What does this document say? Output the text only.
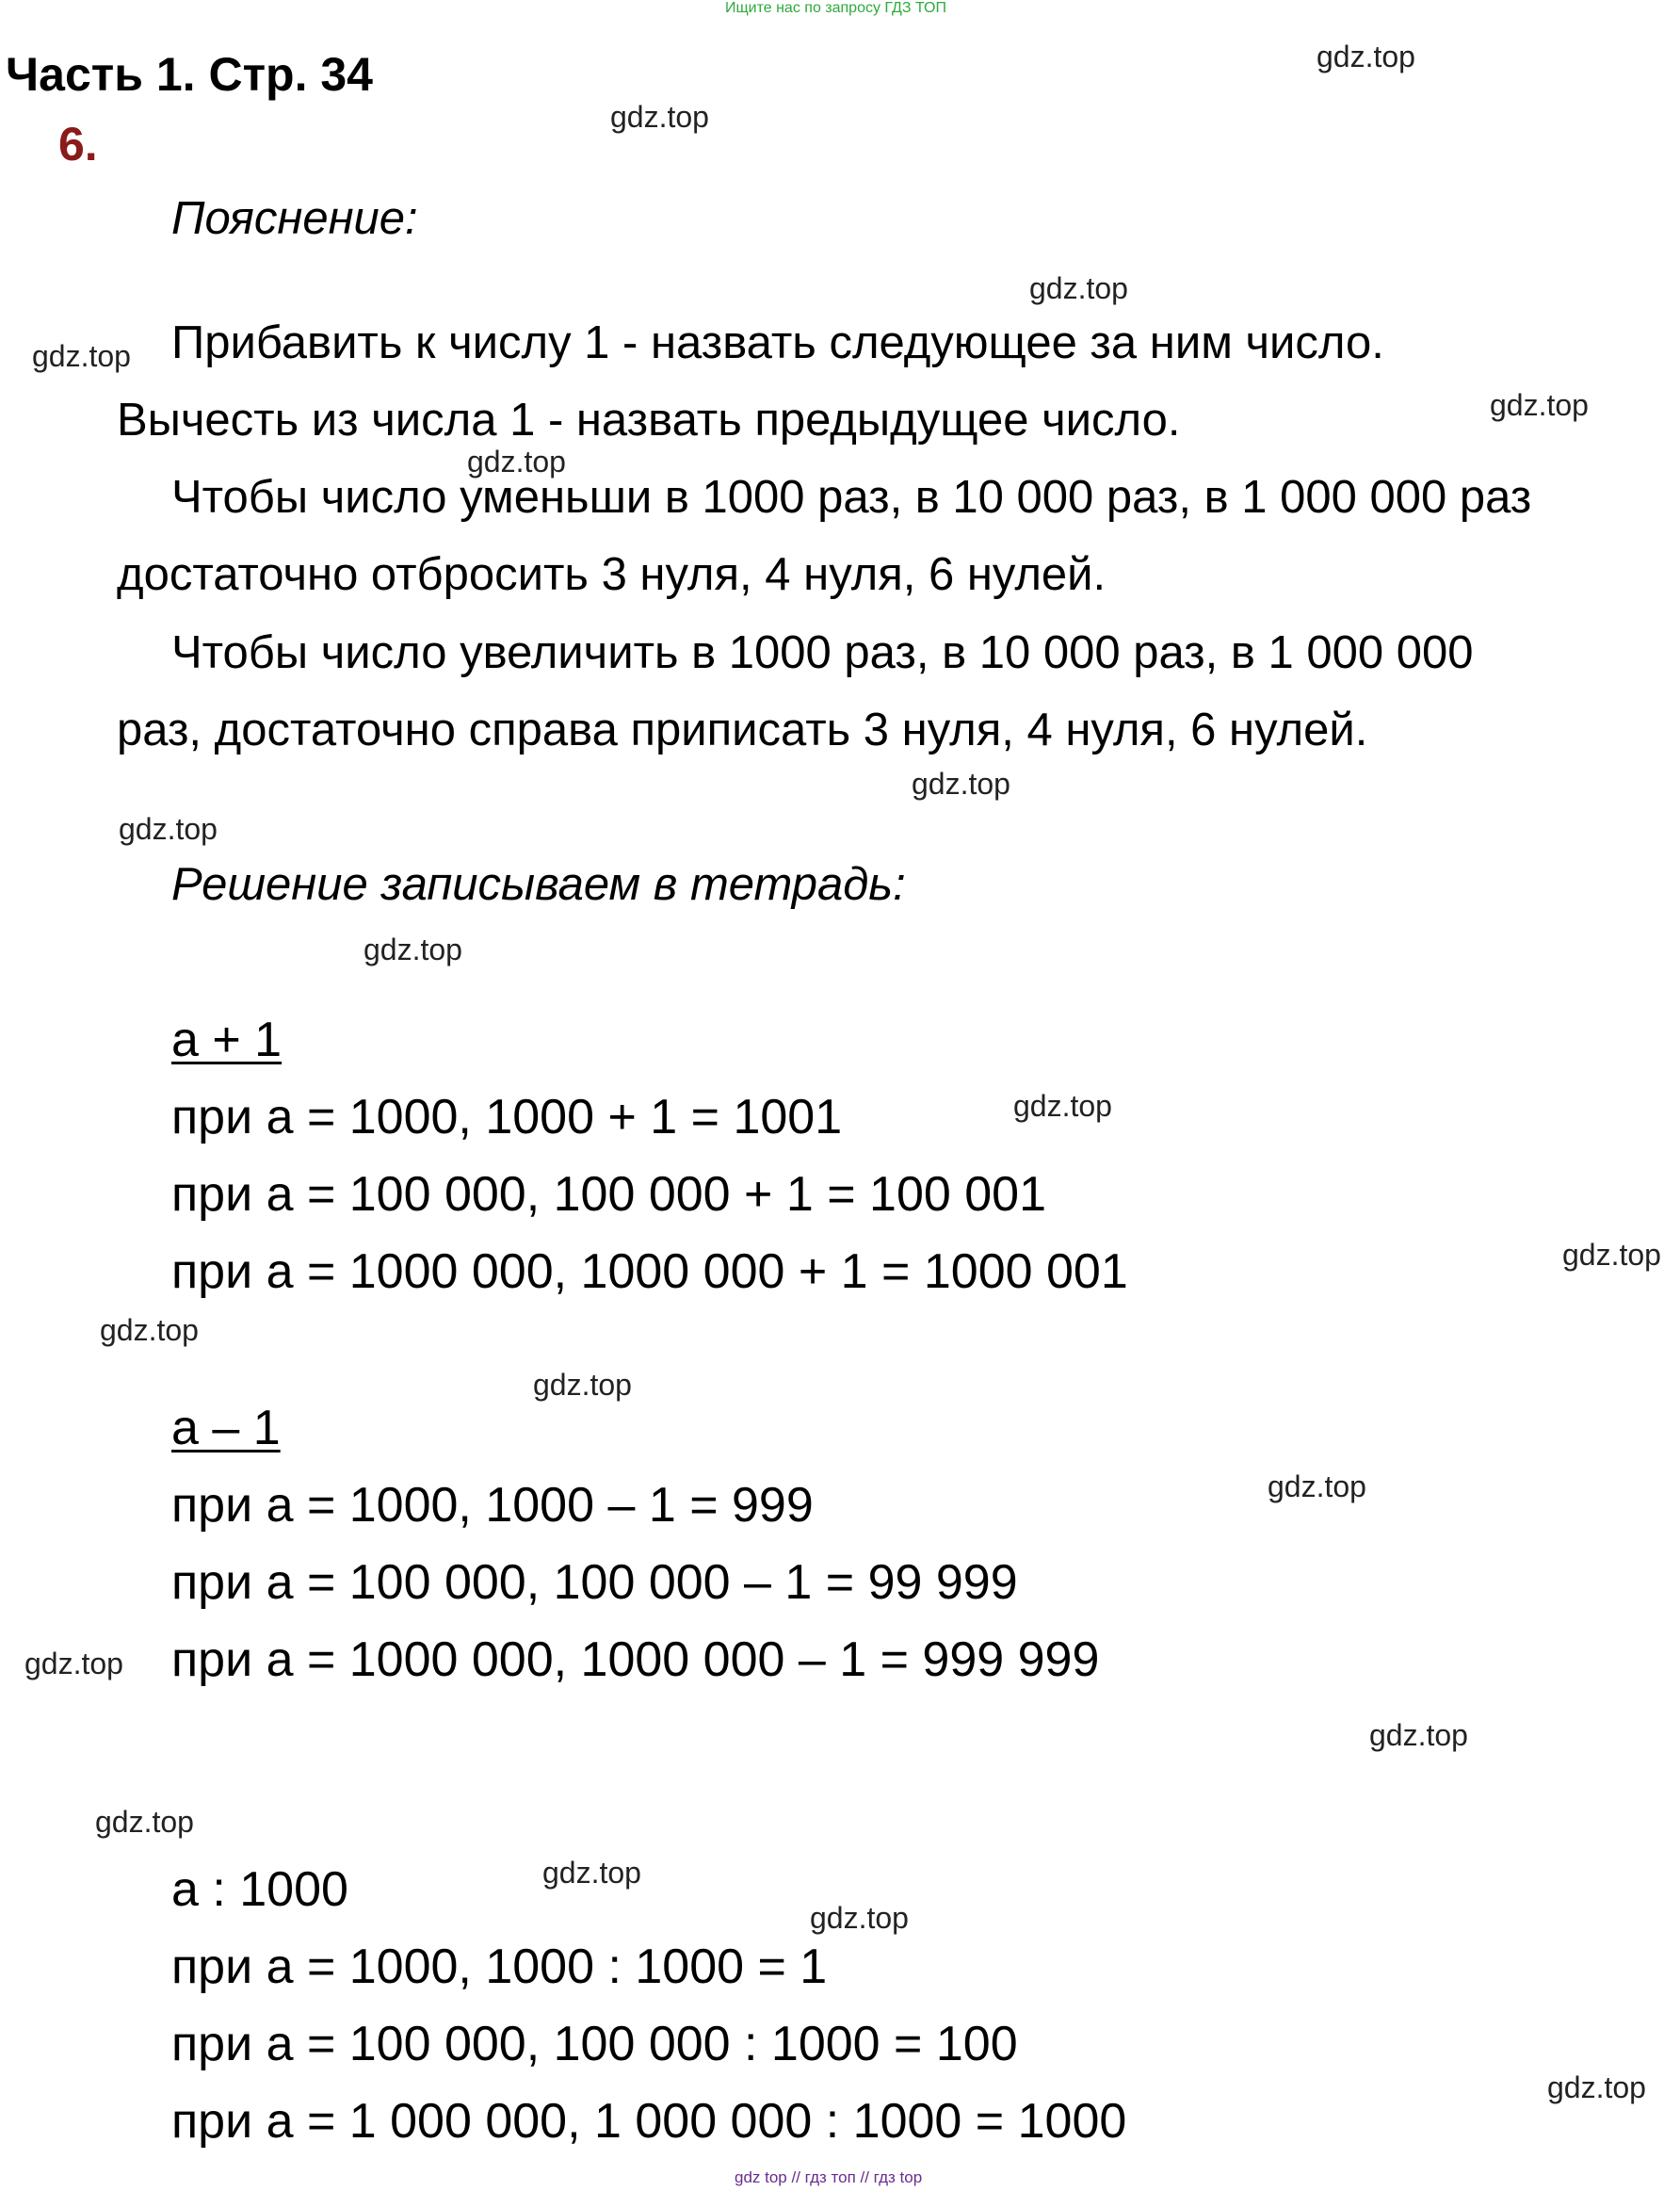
Ищите нас по запросу ГДЗ ТОП
Часть 1. Стр. 34
6.
Пояснение:
Прибавить к числу 1 - назвать следующее за ним число.
Вычесть из числа 1 - назвать предыдущее число.
Чтобы число уменьши в 1000 раз, в 10 000 раз, в 1 000 000 раз
достаточно отбросить 3 нуля, 4 нуля, 6 нулей.
Чтобы число увеличить в 1000 раз, в 10 000 раз, в 1 000 000
раз, достаточно справа приписать 3 нуля, 4 нуля, 6 нулей.
Решение записываем в тетрадь:
а + 1
при а = 1000, 1000 + 1 = 1001
при а = 100 000, 100 000 + 1 = 100 001
при а = 1000 000, 1000 000 + 1 = 1000 001
а – 1
при а = 1000, 1000 – 1 = 999
при а = 100 000, 100 000 – 1 = 99 999
при а = 1000 000, 1000 000 – 1 = 999 999
а : 1000
при а = 1000, 1000 : 1000 = 1
при а = 100 000, 100 000 : 1000 = 100
при а = 1 000 000, 1 000 000 : 1000 = 1000
gdz.top
gdz.top
gdz.top
gdz.top
gdz.top
gdz.top
gdz.top
gdz.top
gdz.top
gdz.top
gdz.top
gdz.top
gdz.top
gdz.top
gdz.top
gdz.top
gdz.top
gdz.top
gdz.top
gdz.top
gdz top // гдз топ // гдз top
